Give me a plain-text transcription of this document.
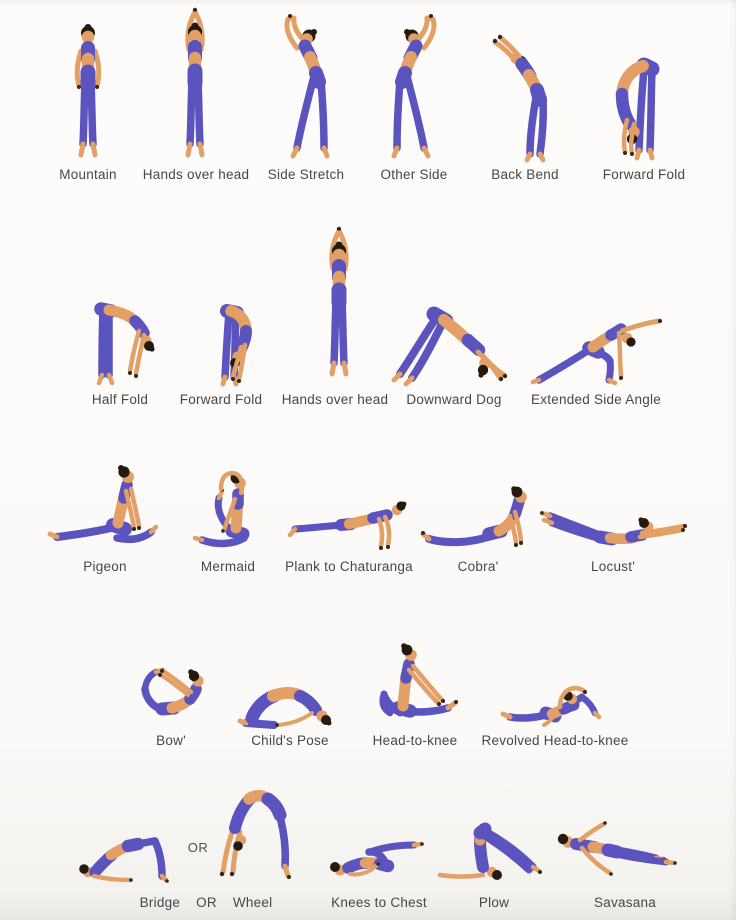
Mountain Hands over head Side Stretch	Other Side	Back Bend	Forward Fold
Half Fold Forward Fold Hands over head Downward Dog Extended Side Angle
Pigeon	Mermaid Plank to Chaturanga	Cobra'	Locust'
Bow'	Child's Pose	Head-to-knee Revolved Head-to-knee
Bridge    OR    Wheel	Knees to Chest	Plow	Savasana
OR
